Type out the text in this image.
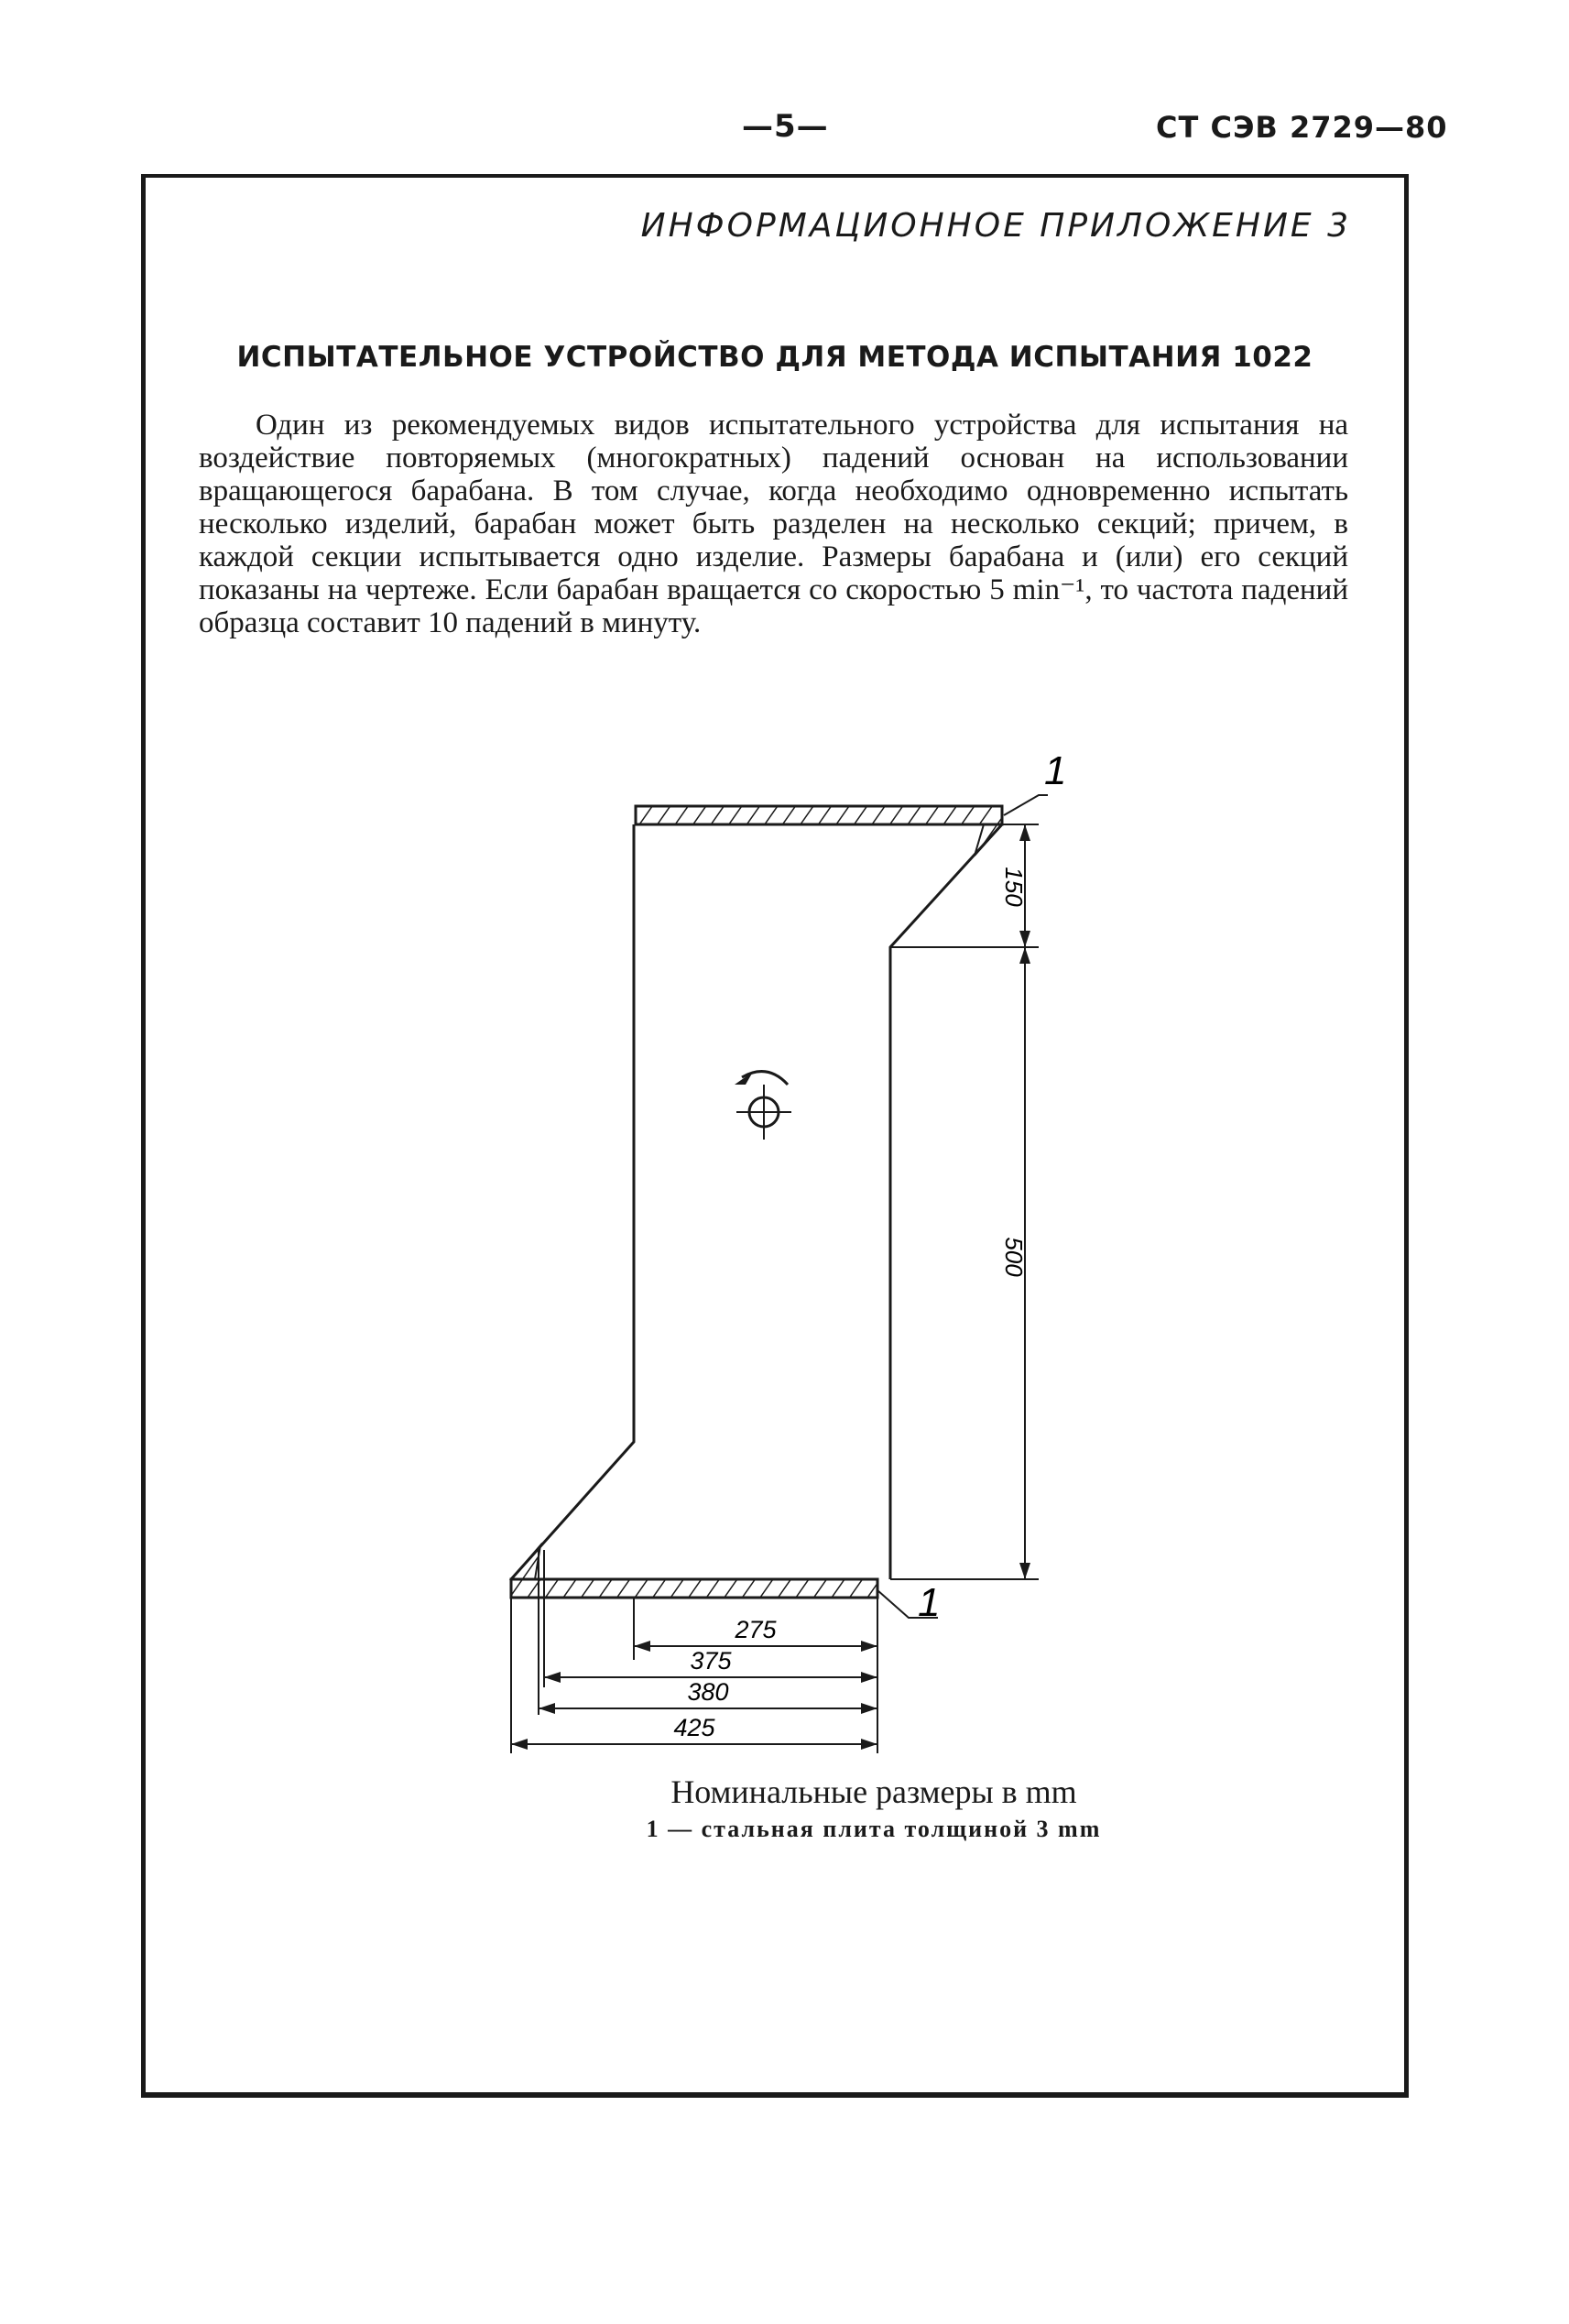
—5—	СТ СЭВ 2729—80
ИНФОРМАЦИОННОЕ ПРИЛОЖЕНИЕ 3
ИСПЫТАТЕЛЬНОЕ УСТРОЙСТВО ДЛЯ МЕТОДА ИСПЫТАНИЯ 1022

Один из рекомендуемых видов испытательного устройства для испытания на воздействие повторяемых (многократных) падений основан на использовании вращающегося барабана. В том случае, когда необходимо одновременно испытать несколько изделий, барабан может быть разделен на несколько секций; причем, в каждой секции испытывается одно изделие. Размеры барабана и (или) его секций показаны на чертеже. Если барабан вращается со скоростью 5 min⁻¹, то частота падений образца составит 10 падений в минуту.

150
500
1
1
275
375
380
425
Номинальные размеры в mm
1 — стальная плита толщиной 3 mm
